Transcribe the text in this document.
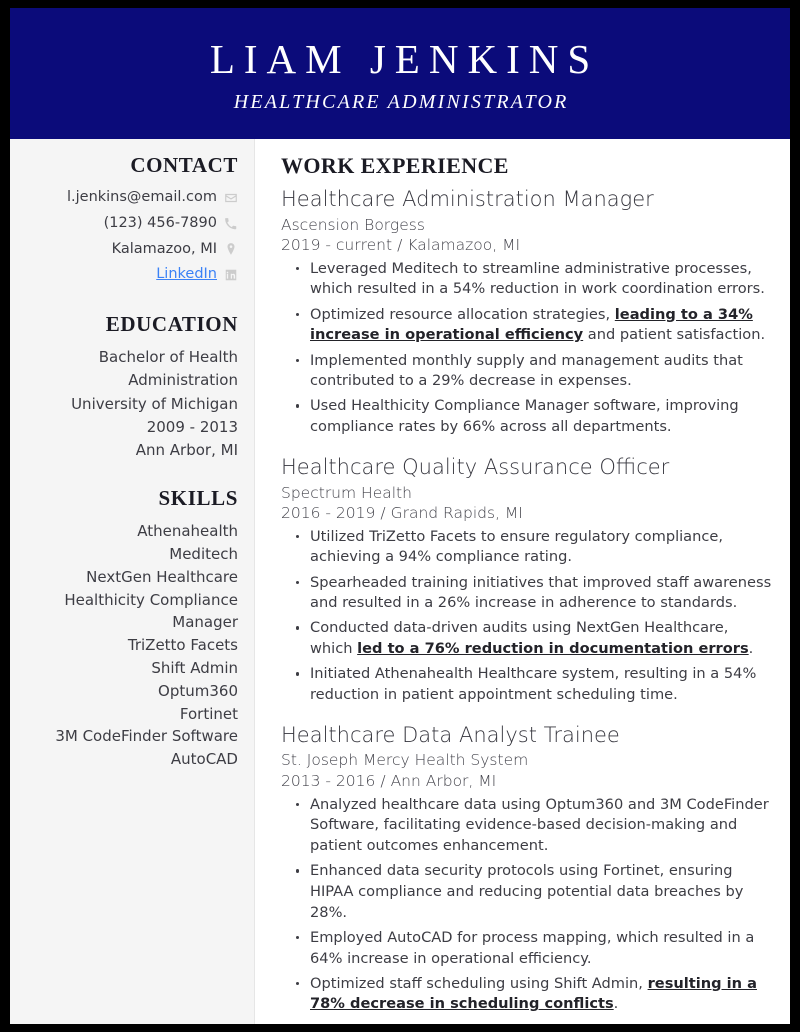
LIAM JENKINS
HEALTHCARE ADMINISTRATOR
CONTACT
l.jenkins@email.com
(123) 456-7890
Kalamazoo, MI
LinkedIn
EDUCATION
Bachelor of Health Administration
University of Michigan
2009 - 2013
Ann Arbor, MI
SKILLS
Athenahealth
Meditech
NextGen Healthcare
Healthicity Compliance Manager
TriZetto Facets
Shift Admin
Optum360
Fortinet
3M CodeFinder Software
AutoCAD
WORK EXPERIENCE
Healthcare Administration Manager
Ascension Borgess
2019 - current / Kalamazoo, MI
Leveraged Meditech to streamline administrative processes, which resulted in a 54% reduction in work coordination errors.
Optimized resource allocation strategies, leading to a 34% increase in operational efficiency and patient satisfaction.
Implemented monthly supply and management audits that contributed to a 29% decrease in expenses.
Used Healthicity Compliance Manager software, improving compliance rates by 66% across all departments.
Healthcare Quality Assurance Officer
Spectrum Health
2016 - 2019 / Grand Rapids, MI
Utilized TriZetto Facets to ensure regulatory compliance, achieving a 94% compliance rating.
Spearheaded training initiatives that improved staff awareness and resulted in a 26% increase in adherence to standards.
Conducted data-driven audits using NextGen Healthcare, which led to a 76% reduction in documentation errors.
Initiated Athenahealth Healthcare system, resulting in a 54% reduction in patient appointment scheduling time.
Healthcare Data Analyst Trainee
St. Joseph Mercy Health System
2013 - 2016 / Ann Arbor, MI
Analyzed healthcare data using Optum360 and 3M CodeFinder Software, facilitating evidence-based decision-making and patient outcomes enhancement.
Enhanced data security protocols using Fortinet, ensuring HIPAA compliance and reducing potential data breaches by 28%.
Employed AutoCAD for process mapping, which resulted in a 64% increase in operational efficiency.
Optimized staff scheduling using Shift Admin, resulting in a 78% decrease in scheduling conflicts.
